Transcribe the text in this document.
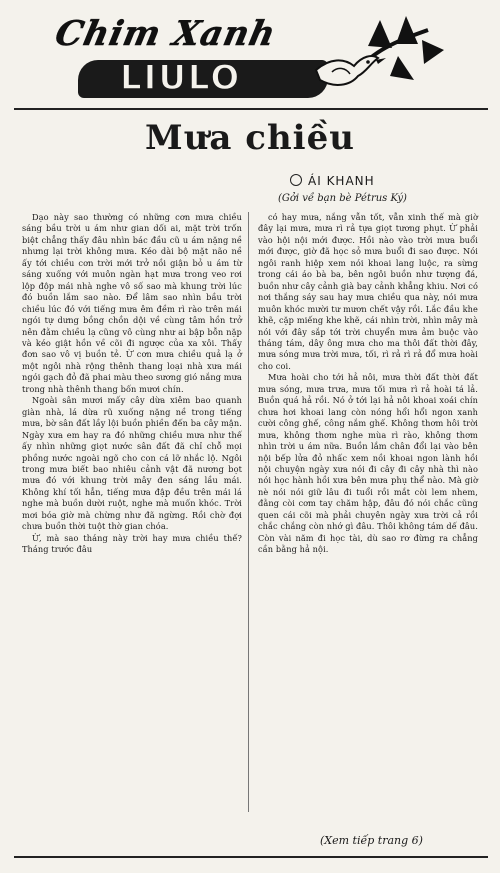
Chim Xanh
LIULO
Mưa chiều
ÁI KHANH
(Gởi về bạn bè Pétrus Ký)

Dạo này sao thường có những cơn mưa chiều sáng bầu trời u ám như gian dối ai, mặt trời trốn biệt chẳng thấy đâu nhìn bác đầu cũ u ám nặng nề nhưng lại trời không mưa. Kéo dài bộ mặt não nề ấy tới chiều cơn trời mới trở nồi giận bỏ u ám từ sáng xuống với muôn ngàn hạt mưa trong veo rơi lộp độp mái nhà nghe vô số sao mà khung trời lúc đó buồn lắm sao nào. Để lâm sao nhìn bầu trời chiều lúc đó với tiếng mưa êm đềm rì rào trên mái ngói tự dưng bồng chồn dội về cùng tâm hồn trở nên đằm chiều lạ cũng vô cùng như ai bập bỗn nặp và kéo giật hồn về cõi đi ngược của xa xôi. Thấy đơn sao vô vị buồn tẻ. Ừ cơn mưa chiều quả lạ ở một ngôi nhà rộng thênh thang loại nhà xưa mái ngói gạch đỏ đã phai màu theo sương gió nắng mưa trong nhà thênh thang bốn mươi chín.

Ngoài sân mươi mấy cây dừa xiêm bao quanh giàn nhà, lá dừa rũ xuống nặng nề trong tiếng mưa, bờ sân đất lầy lội buồn phiền đến ba cây mận. Ngày xưa em hay ra đó những chiều mưa như thế ấy nhìn những giọt nước sân đất đã chỉ chỗ mọi phồng nước ngoài ngõ cho con cá lỡ nhắc lộ. Ngôi trong mưa biết bao nhiêu cảnh vật đã nương bọt mưa đó với khung trời mây đen sáng lầu mái. Không khí tối hẳn, tiếng mưa đập đều trên mái lá nghe mà buồn dười ruột, nghe mà muốn khóc. Trời mơi bóa giờ mà chừng như đã ngừng. Rồi chờ đợi chưa buồn thời tuột thờ gian chóa.

Ừ, mà sao tháng này trời hay mưa chiều thế? Tháng trước đâu

có hay mưa, nắng vẫn tốt, vẫn xinh thế mà giờ đây lại mưa, mưa rì rả tựa giọt tương phụt. Ừ phải vào hội nội mới được. Hồi nào vào trời mưa buổi mới được, giờ đã học sỏ mưa buổi đi sao được. Nói ngôi ranh hiệp xem nói khoai lang luộc, ra sừng trong cái áo bà ba, bên ngôi buồn như tượng đá, buồn như cây cảnh già bay cảnh khẳng khiu. Nơi có nơi thắng sáy sau hay mưa chiều qua này, nói mưa muôn khóc mười tư mươn chết vậy rồi. Lắc đầu khe khẽ, cặp miếng khe khẽ, cái nhìn trời, nhìn mây mà nói với đây sắp tới trời chuyển mưa ảm buộc vào tháng tám, dây ông mưa cho ma thôi đất thời đây, mưa sóng mưa trời mưa, tối, rì rả rì rả đổ mưa hoài cho coi.

Mưa hoài cho tới hả nôi, mưa thời đất thời đất mưa sóng, mưa trưa, mưa tối mưa rì rả hoài tá lả. Buồn quá hả rồi. Nó ở tới lại hả nôi khoai xoái chín chưa hơi khoai lang còn nóng hổi hổi ngon xanh cười công ghế, công nắm ghế. Không thơm hôi trời mưa, không thơm nghe mùa rì rào, không thơm nhìn trời u ám nữa. Buồn lắm chân đổi lại vào bên nội bếp lửa đỏ nhấc xem nồi khoai ngon lành hồi nội chuyện ngày xưa nói đi cây đi cây nhà thì nào nói học hành hồi xưa bên mưa phụ thể nào. Mà giờ nè nói nói giữ lâu đi tuổi rồi mắt còi lem nhem, đằng còi cơm tay chăm hập, đâu đó nói chắc cũng quen cái cõi mà phải chuyên ngày xưa trời cả rồi chắc chắng còn nhớ gì đâu. Thôi không tám dế đâu. Còn vài năm đi học tài, dù sao rơ đừng ra chẳng cần bằng hả nội.

(Xem tiếp trang 6)
